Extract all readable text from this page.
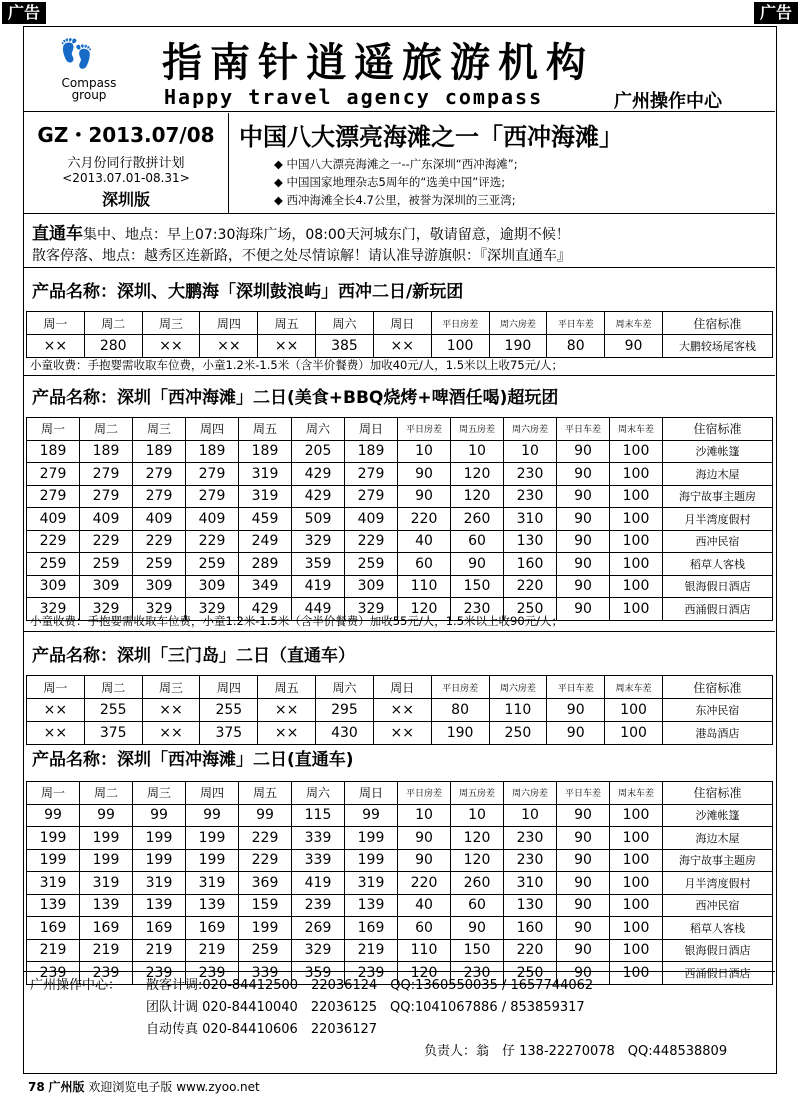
广告	广告
👣
Compass group
指南针逍遥旅游机构
Happy travel agency compass	广州操作中心
GZ・2013.07/08
六月份同行散拼计划
<2013.07.01-08.31>
深圳版
中国八大漂亮海滩之一「西冲海滩」
◆ 中国八大漂亮海滩之一--广东深圳“西冲海滩”;
◆ 中国国家地理杂志5周年的“选美中国”评选;
◆ 西冲海滩全长4.7公里，被誉为深圳的三亚湾;
直通车集中、地点：早上07:30海珠广场，08:00天河城东门，敬请留意，逾期不候！
散客停落、地点：越秀区连新路，不便之处尽情谅解！请认准导游旗帜：『深圳直通车』
产品名称：深圳、大鹏海「深圳鼓浪屿」西冲二日/新玩团
周一	周二	周三	周四	周五	周六	周日	平日房差	周六房差	平日车差	周末车差	住宿标准
××	280	××	××	××	385	××	100	190	80	90	大鹏较场尾客栈
小童收费：手抱婴需收取车位费，小童1.2米-1.5米（含半价餐费）加收40元/人，1.5米以上收75元/人；
产品名称：深圳「西冲海滩」二日(美食+BBQ烧烤+啤酒任喝)超玩团
周一	周二	周三	周四	周五	周六	周日	平日房差	周五房差	周六房差	平日车差	周末车差	住宿标准
189	189	189	189	189	205	189	10	10	10	90	100	沙滩帐篷
279	279	279	279	319	429	279	90	120	230	90	100	海边木屋
279	279	279	279	319	429	279	90	120	230	90	100	海宁故事主题房
409	409	409	409	459	509	409	220	260	310	90	100	月半湾度假村
229	229	229	229	249	329	229	40	60	130	90	100	西冲民宿
259	259	259	259	289	359	259	60	90	160	90	100	稻草人客栈
309	309	309	309	349	419	309	110	150	220	90	100	银海假日酒店
329	329	329	329	429	449	329	120	230	250	90	100	西涌假日酒店
小童收费：手抱婴需收取车位费，小童1.2米-1.5米（含半价餐费）加收55元/人，1.5米以上收90元/人；
产品名称：深圳「三门岛」二日（直通车）
周一	周二	周三	周四	周五	周六	周日	平日房差	周六房差	平日车差	周末车差	住宿标准
××	255	××	255	××	295	××	80	110	90	100	东冲民宿
××	375	××	375	××	430	××	190	250	90	100	港岛酒店
产品名称：深圳「西冲海滩」二日(直通车)
周一	周二	周三	周四	周五	周六	周日	平日房差	周五房差	周六房差	平日车差	周末车差	住宿标准
99	99	99	99	99	115	99	10	10	10	90	100	沙滩帐篷
199	199	199	199	229	339	199	90	120	230	90	100	海边木屋
199	199	199	199	229	339	199	90	120	230	90	100	海宁故事主题房
319	319	319	319	369	419	319	220	260	310	90	100	月半湾度假村
139	139	139	139	159	239	139	40	60	130	90	100	西冲民宿
169	169	169	169	199	269	169	60	90	160	90	100	稻草人客栈
219	219	219	219	259	329	219	110	150	220	90	100	银海假日酒店
239	239	239	239	339	359	239	120	230	250	90	100	西涌假日酒店
广州操作中心： 散客计调:020-84412500　 22036124　 QQ:1360550035 / 1657744062
团队计调 020-84410040　 22036125　 QQ:1041067886 / 853859317
自动传真 020-84410606　 22036127
负责人：翁　仔 138-22270078　QQ:448538809
78 广州版 欢迎浏览电子版 www.zyoo.net
